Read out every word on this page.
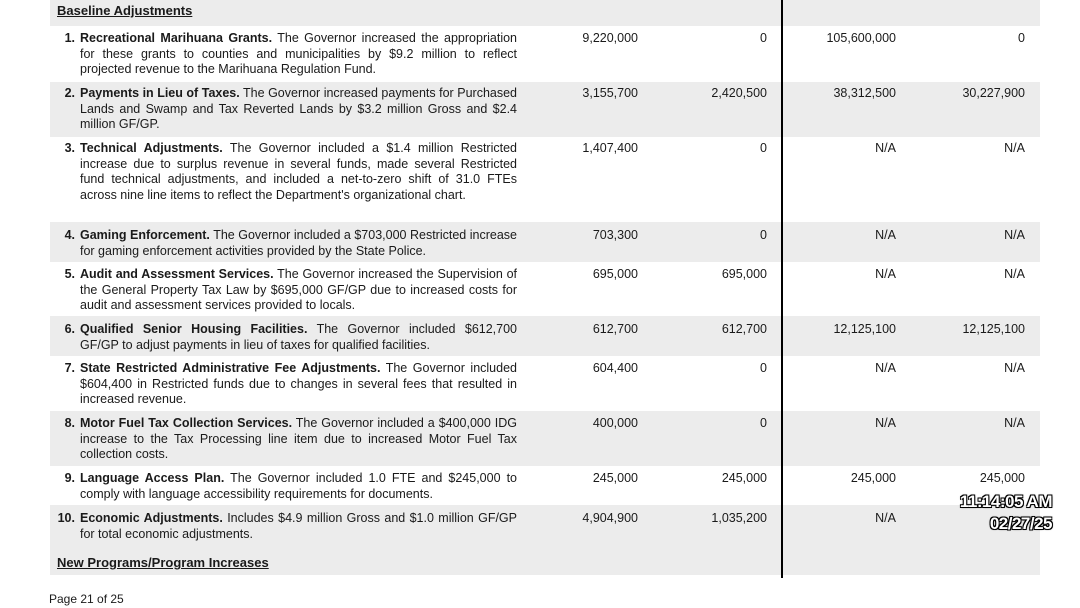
Baseline Adjustments
1. Recreational Marihuana Grants. The Governor increased the appropriation for these grants to counties and municipalities by $9.2 million to reflect projected revenue to the Marihuana Regulation Fund.
9,220,000	0	105,600,000	0
2. Payments in Lieu of Taxes. The Governor increased payments for Purchased Lands and Swamp and Tax Reverted Lands by $3.2 million Gross and $2.4 million GF/GP.
3,155,700	2,420,500	38,312,500	30,227,900
3. Technical Adjustments. The Governor included a $1.4 million Restricted increase due to surplus revenue in several funds, made several Restricted fund technical adjustments, and included a net-to-zero shift of 31.0 FTEs across nine line items to reflect the Department's organizational chart.
1,407,400	0	N/A	N/A
4. Gaming Enforcement. The Governor included a $703,000 Restricted increase for gaming enforcement activities provided by the State Police.
703,300	0	N/A	N/A
5. Audit and Assessment Services. The Governor increased the Supervision of the General Property Tax Law by $695,000 GF/GP due to increased costs for audit and assessment services provided to locals.
695,000	695,000	N/A	N/A
6. Qualified Senior Housing Facilities. The Governor included $612,700 GF/GP to adjust payments in lieu of taxes for qualified facilities.
612,700	612,700	12,125,100	12,125,100
7. State Restricted Administrative Fee Adjustments. The Governor included $604,400 in Restricted funds due to changes in several fees that resulted in increased revenue.
604,400	0	N/A	N/A
8. Motor Fuel Tax Collection Services. The Governor included a $400,000 IDG increase to the Tax Processing line item due to increased Motor Fuel Tax collection costs.
400,000	0	N/A	N/A
9. Language Access Plan. The Governor included 1.0 FTE and $245,000 to comply with language accessibility requirements for documents.
245,000	245,000	245,000	245,000
10. Economic Adjustments. Includes $4.9 million Gross and $1.0 million GF/GP for total economic adjustments.
4,904,900	1,035,200	N/A
New Programs/Program Increases
Page 21 of 25
11:14:05 AM
02/27/25
